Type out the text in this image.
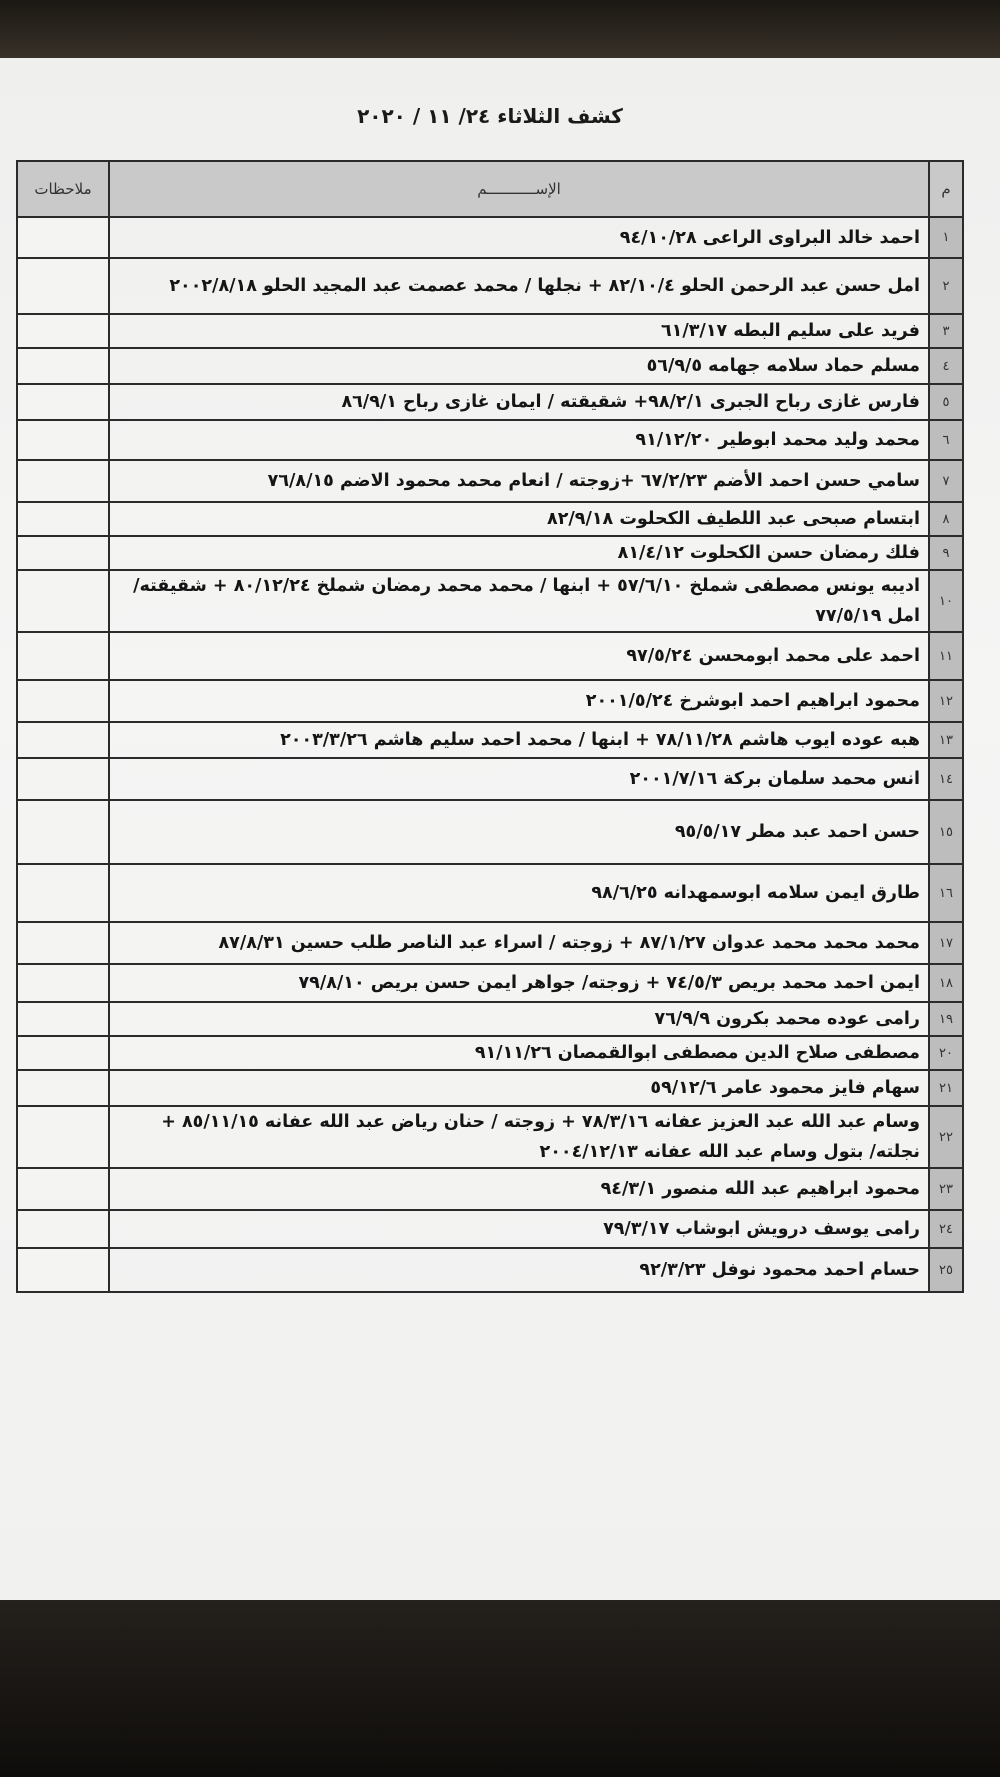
كشف الثلاثاء ٢٤/ ١١ / ٢٠٢٠
م	الإســـــــــــم	ملاحظات
١	احمد خالد البراوى الراعى ٩٤/١٠/٢٨	
٢	امل حسن عبد الرحمن الحلو ٨٢/١٠/٤ + نجلها / محمد عصمت عبد المجيد الحلو ٢٠٠٢/٨/١٨	
٣	فريد على سليم البطه ٦١/٣/١٧	
٤	مسلم حماد سلامه جهامه ٥٦/٩/٥	
٥	فارس غازى رباح الجبرى ٩٨/٢/١+ شقيقته / ايمان غازى رباح ٨٦/٩/١	
٦	محمد وليد محمد ابوطير ٩١/١٢/٢٠	
٧	سامي حسن احمد الأضم ٦٧/٢/٢٣ +زوجته / انعام محمد محمود الاضم ٧٦/٨/١٥	
٨	ابتسام صبحى عبد اللطيف الكحلوت ٨٢/٩/١٨	
٩	فلك رمضان حسن الكحلوت ٨١/٤/١٢	
١٠	اديبه يونس مصطفى شملخ ٥٧/٦/١٠ + ابنها / محمد محمد رمضان شملخ ٨٠/١٢/٢٤ + شقيقته/ امل ٧٧/٥/١٩	
١١	احمد على محمد ابومحسن ٩٧/٥/٢٤	
١٢	محمود ابراهيم احمد ابوشرخ ٢٠٠١/٥/٢٤	
١٣	هبه عوده ايوب هاشم ٧٨/١١/٢٨ + ابنها / محمد احمد سليم هاشم ٢٠٠٣/٣/٢٦	
١٤	انس محمد سلمان بركة ٢٠٠١/٧/١٦	
١٥	حسن احمد عبد مطر ٩٥/٥/١٧	
١٦	طارق ايمن سلامه ابوسمهدانه ٩٨/٦/٢٥	
١٧	محمد محمد محمد عدوان ٨٧/١/٢٧ + زوجته / اسراء عبد الناصر طلب حسين ٨٧/٨/٣١	
١٨	ايمن احمد محمد بريص ٧٤/٥/٣ + زوجته/ جواهر ايمن حسن بريص ٧٩/٨/١٠	
١٩	رامى عوده محمد بكرون ٧٦/٩/٩	
٢٠	مصطفى صلاح الدين مصطفى ابوالقمصان ٩١/١١/٢٦	
٢١	سهام فايز محمود عامر ٥٩/١٢/٦	
٢٢	وسام عبد الله عبد العزيز عفانه ٧٨/٣/١٦ + زوجته / حنان رياض عبد الله عفانه ٨٥/١١/١٥ + نجلته/ بتول وسام عبد الله عفانه ٢٠٠٤/١٢/١٣	
٢٣	محمود ابراهيم عبد الله منصور ٩٤/٣/١	
٢٤	رامى يوسف درويش ابوشاب ٧٩/٣/١٧	
٢٥	حسام احمد محمود نوفل ٩٢/٣/٢٣	
